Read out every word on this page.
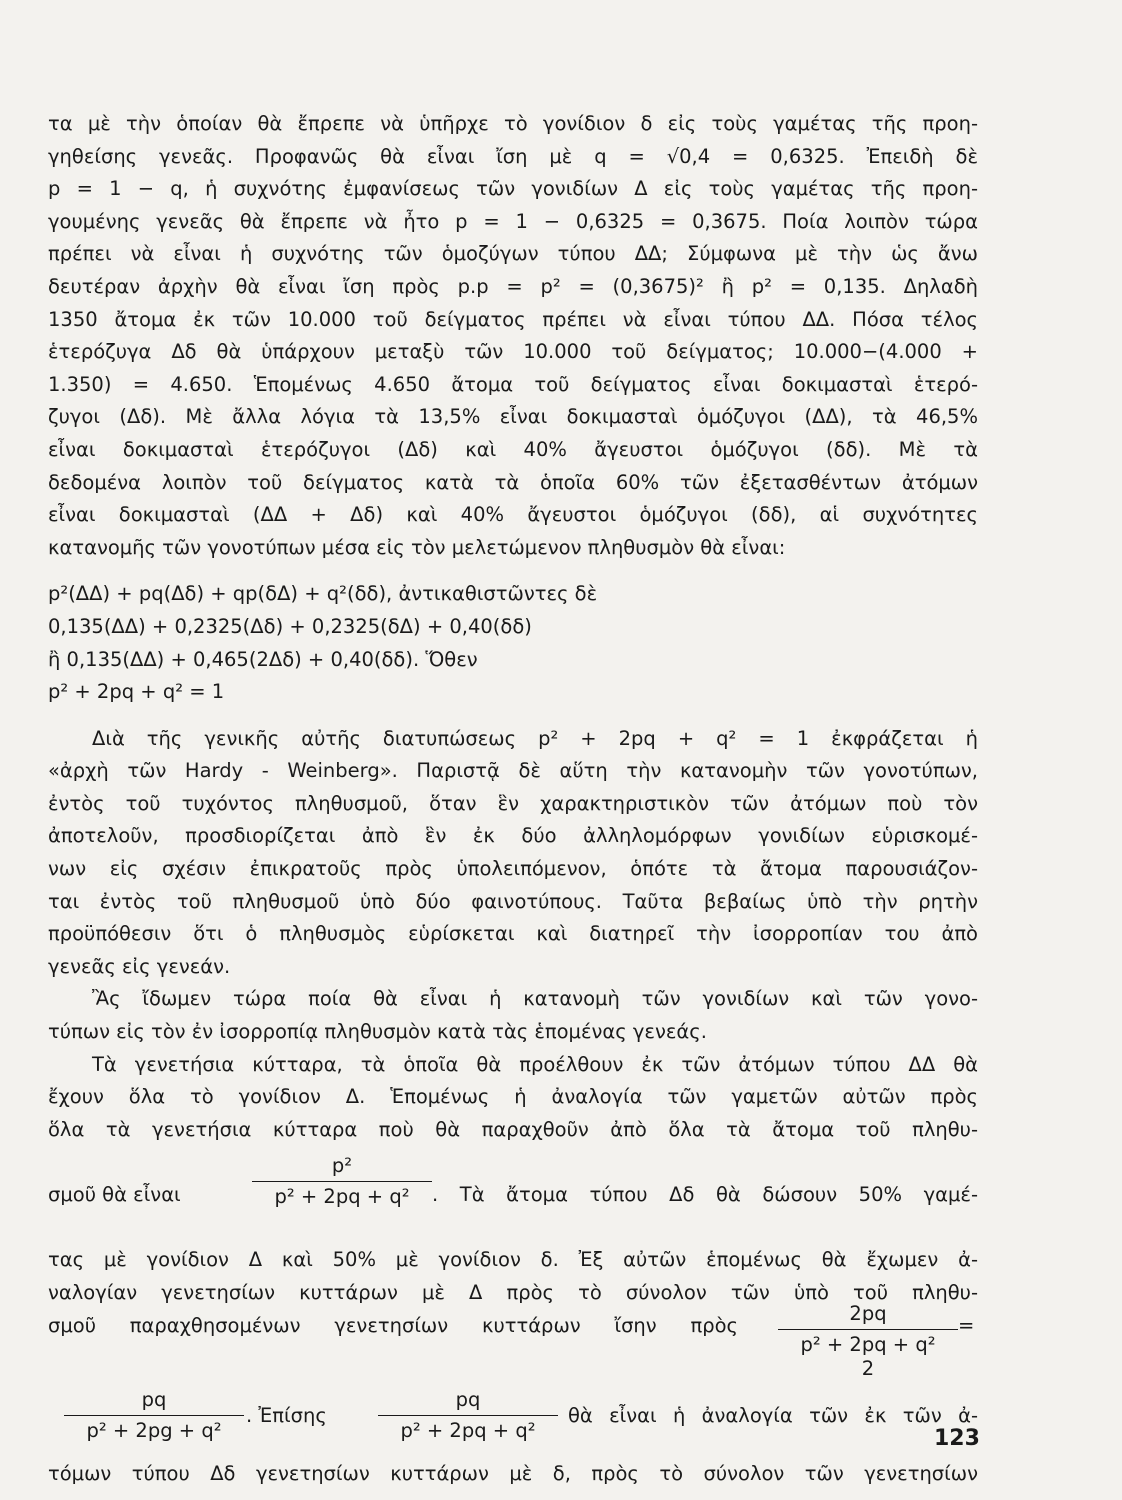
τα μὲ τὴν ὁποίαν θὰ ἔπρεπε νὰ ὑπῆρχε τὸ γονίδιον δ εἰς τοὺς γαμέτας τῆς προη-
γηθείσης γενεᾶς. Προφανῶς θὰ εἶναι ἴση μὲ q = √0,4 = 0,6325. Ἐπειδὴ δὲ
p = 1 − q, ἡ συχνότης ἐμφανίσεως τῶν γονιδίων Δ εἰς τοὺς γαμέτας τῆς προη-
γουμένης γενεᾶς θὰ ἔπρεπε νὰ ἦτο p = 1 − 0,6325 = 0,3675. Ποία λοιπὸν τώρα
πρέπει νὰ εἶναι ἡ συχνότης τῶν ὁμοζύγων τύπου ΔΔ; Σύμφωνα μὲ τὴν ὡς ἄνω
δευτέραν ἀρχὴν θὰ εἶναι ἴση πρὸς p.p = p² = (0,3675)² ἢ p² = 0,135. Δηλαδὴ
1350 ἄτομα ἐκ τῶν 10.000 τοῦ δείγματος πρέπει νὰ εἶναι τύπου ΔΔ. Πόσα τέλος
ἑτερόζυγα Δδ θὰ ὑπάρχουν μεταξὺ τῶν 10.000 τοῦ δείγματος; 10.000−(4.000 +
1.350) = 4.650. Ἑπομένως 4.650 ἄτομα τοῦ δείγματος εἶναι δοκιμασταὶ ἑτερό-
ζυγοι (Δδ). Μὲ ἄλλα λόγια τὰ 13,5% εἶναι δοκιμασταὶ ὁμόζυγοι (ΔΔ), τὰ 46,5%
εἶναι δοκιμασταὶ ἑτερόζυγοι (Δδ) καὶ 40% ἄγευστοι ὁμόζυγοι (δδ). Μὲ τὰ
δεδομένα λοιπὸν τοῦ δείγματος κατὰ τὰ ὁποῖα 60% τῶν ἐξετασθέντων ἀτόμων
εἶναι δοκιμασταὶ (ΔΔ + Δδ) καὶ 40% ἄγευστοι ὁμόζυγοι (δδ), αἱ συχνότητες
κατανομῆς τῶν γονοτύπων μέσα εἰς τὸν μελετώμενον πληθυσμὸν θὰ εἶναι:
p²(ΔΔ) + pq(Δδ) + qp(δΔ) + q²(δδ), ἀντικαθιστῶντες δὲ
0,135(ΔΔ) + 0,2325(Δδ) + 0,2325(δΔ) + 0,40(δδ)
ἢ 0,135(ΔΔ) + 0,465(2Δδ) + 0,40(δδ). Ὅθεν
p² + 2pq + q² = 1
Διὰ τῆς γενικῆς αὐτῆς διατυπώσεως p² + 2pq + q² = 1 ἐκφράζεται ἡ
«ἀρχὴ τῶν Hardy - Weinberg». Παριστᾷ δὲ αὕτη τὴν κατανομὴν τῶν γονοτύπων,
ἐντὸς τοῦ τυχόντος πληθυσμοῦ, ὅταν ἓν χαρακτηριστικὸν τῶν ἀτόμων ποὺ τὸν
ἀποτελοῦν, προσδιορίζεται ἀπὸ ἓν ἐκ δύο ἀλληλομόρφων γονιδίων εὑρισκομέ-
νων εἰς σχέσιν ἐπικρατοῦς πρὸς ὑπολειπόμενον, ὁπότε τὰ ἄτομα παρουσιάζον-
ται ἐντὸς τοῦ πληθυσμοῦ ὑπὸ δύο φαινοτύπους. Ταῦτα βεβαίως ὑπὸ τὴν ρητὴν
προϋπόθεσιν ὅτι ὁ πληθυσμὸς εὑρίσκεται καὶ διατηρεῖ τὴν ἰσορροπίαν του ἀπὸ
γενεᾶς εἰς γενεάν.
Ἂς ἴδωμεν τώρα ποία θὰ εἶναι ἡ κατανομὴ τῶν γονιδίων καὶ τῶν γονο-
τύπων εἰς τὸν ἐν ἰσορροπίᾳ πληθυσμὸν κατὰ τὰς ἑπομένας γενεάς.
Τὰ γενετήσια κύτταρα, τὰ ὁποῖα θὰ προέλθουν ἐκ τῶν ἀτόμων τύπου ΔΔ θὰ
ἔχουν ὅλα τὸ γονίδιον Δ. Ἑπομένως ἡ ἀναλογία τῶν γαμετῶν αὐτῶν πρὸς
ὅλα τὰ γενετήσια κύτταρα ποὺ θὰ παραχθοῦν ἀπὸ ὅλα τὰ ἄτομα τοῦ πληθυ-
σμοῦ θὰ εἶναι
p²
p² + 2pq + q²	. Τὰ ἄτομα τύπου Δδ θὰ δώσουν 50% γαμέ-
τας μὲ γονίδιον Δ καὶ 50% μὲ γονίδιον δ. Ἐξ αὐτῶν ἑπομένως θὰ ἔχωμεν ἀ-
ναλογίαν γενετησίων κυττάρων μὲ Δ πρὸς τὸ σύνολον τῶν ὑπὸ τοῦ πληθυ-
σμοῦ παραχθησομένων γενετησίων κυττάρων ἴσην πρὸς
2pq
p² + 2pq + q²
2
=
pq
p² + 2pg + q²
. Ἐπίσης
pq
p² + 2pq + q²
θὰ εἶναι ἡ ἀναλογία τῶν ἐκ τῶν ἀ-
τόμων τύπου Δδ γενετησίων κυττάρων μὲ δ, πρὸς τὸ σύνολον τῶν γενετησίων
123
